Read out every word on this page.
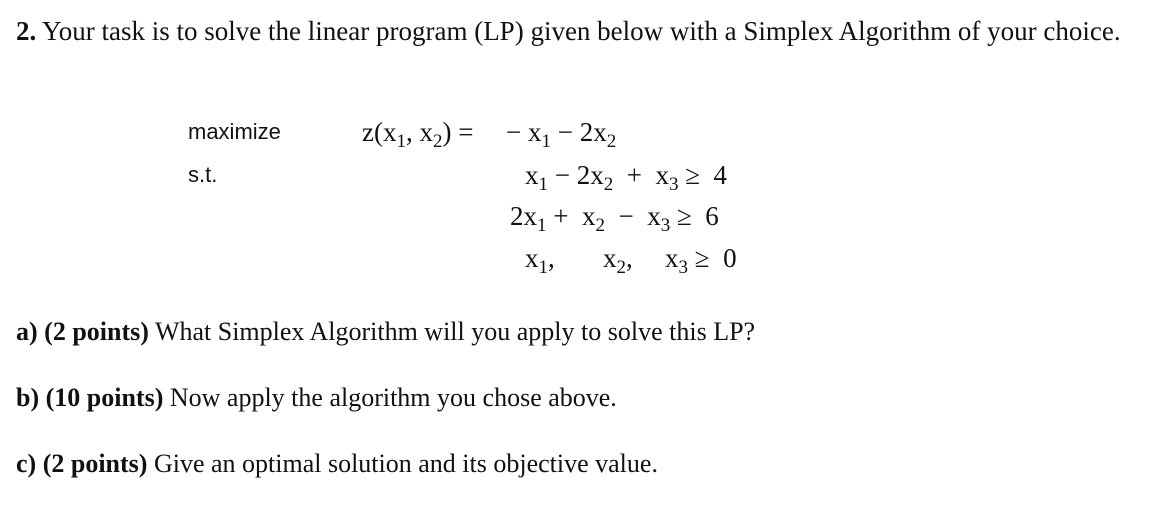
2. Your task is to solve the linear program (LP) given below with a Simplex Algorithm of your choice.

maximize
s.t.
$z(x_1$, $x_2$) = − $x_1 - 2x_2$
$x_1 - 2x_2 + x_3 \ge 4$
$2x_1 + x_2 - x_3 \ge 6$
$x_1$, $x_2$, $x_3 \ge 0$

a) (2 points) What Simplex Algorithm will you apply to solve this LP?

b) (10 points) Now apply the algorithm you chose above.

c) (2 points) Give an optimal solution and its objective value.
